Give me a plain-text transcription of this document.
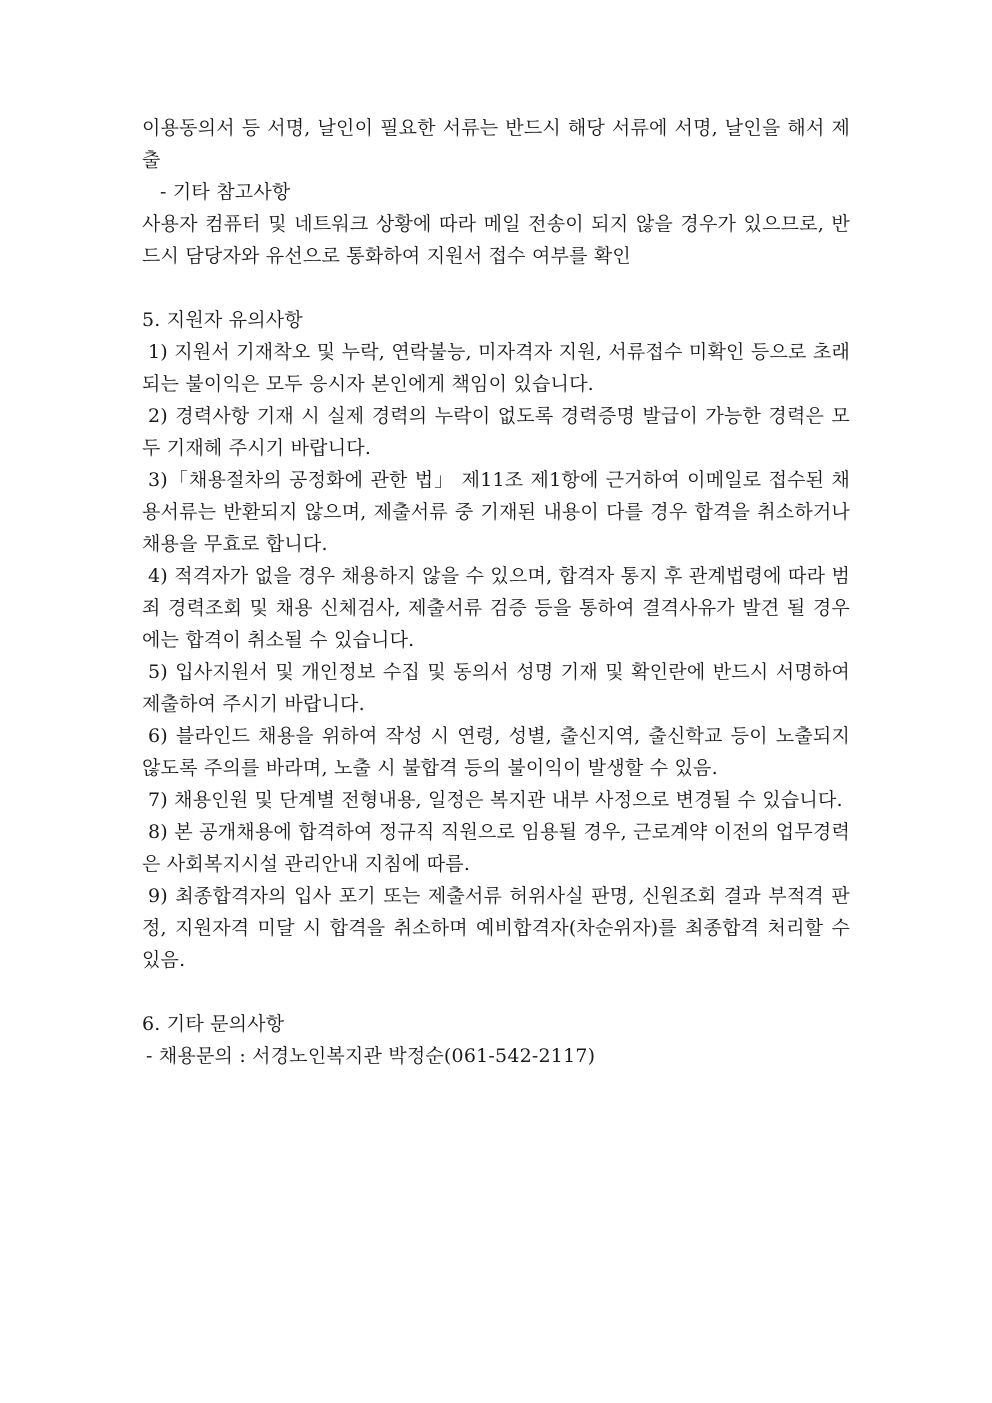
이용동의서 등 서명, 날인이 필요한 서류는 반드시 해당 서류에 서명, 날인을 해서 제출

- 기타 참고사항

사용자 컴퓨터 및 네트워크 상황에 따라 메일 전송이 되지 않을 경우가 있으므로, 반드시 담당자와 유선으로 통화하여 지원서 접수 여부를 확인

5. 지원자 유의사항

1) 지원서 기재착오 및 누락, 연락불능, 미자격자 지원, 서류접수 미확인 등으로 초래되는 불이익은 모두 응시자 본인에게 책임이 있습니다.

2) 경력사항 기재 시 실제 경력의 누락이 없도록 경력증명 발급이 가능한 경력은 모두 기재헤 주시기 바랍니다.

3)「채용절차의 공정화에 관한 법」 제11조 제1항에 근거하여 이메일로 접수된 채용서류는 반환되지 않으며, 제출서류 중 기재된 내용이 다를 경우 합격을 취소하거나 채용을 무효로 합니다.

4) 적격자가 없을 경우 채용하지 않을 수 있으며, 합격자 통지 후 관계법령에 따라 범죄 경력조회 및 채용 신체검사, 제출서류 검증 등을 통하여 결격사유가 발견 될 경우에는 합격이 취소될 수 있습니다.

5) 입사지원서 및 개인정보 수집 및 동의서 성명 기재 및 확인란에 반드시 서명하여 제출하여 주시기 바랍니다.

6) 블라인드 채용을 위하여 작성 시 연령, 성별, 출신지역, 출신학교 등이 노출되지 않도록 주의를 바라며, 노출 시 불합격 등의 불이익이 발생할 수 있음.

7) 채용인원 및 단계별 전형내용, 일정은 복지관 내부 사정으로 변경될 수 있습니다.

8) 본 공개채용에 합격하여 정규직 직원으로 임용될 경우, 근로계약 이전의 업무경력은 사회복지시설 관리안내 지침에 따름.

9) 최종합격자의 입사 포기 또는 제출서류 허위사실 판명, 신원조회 결과 부적격 판정, 지원자격 미달 시 합격을 취소하며 예비합격자(차순위자)를 최종합격 처리할 수 있음.

6. 기타 문의사항

- 채용문의 : 서경노인복지관 박정순(061-542-2117)
